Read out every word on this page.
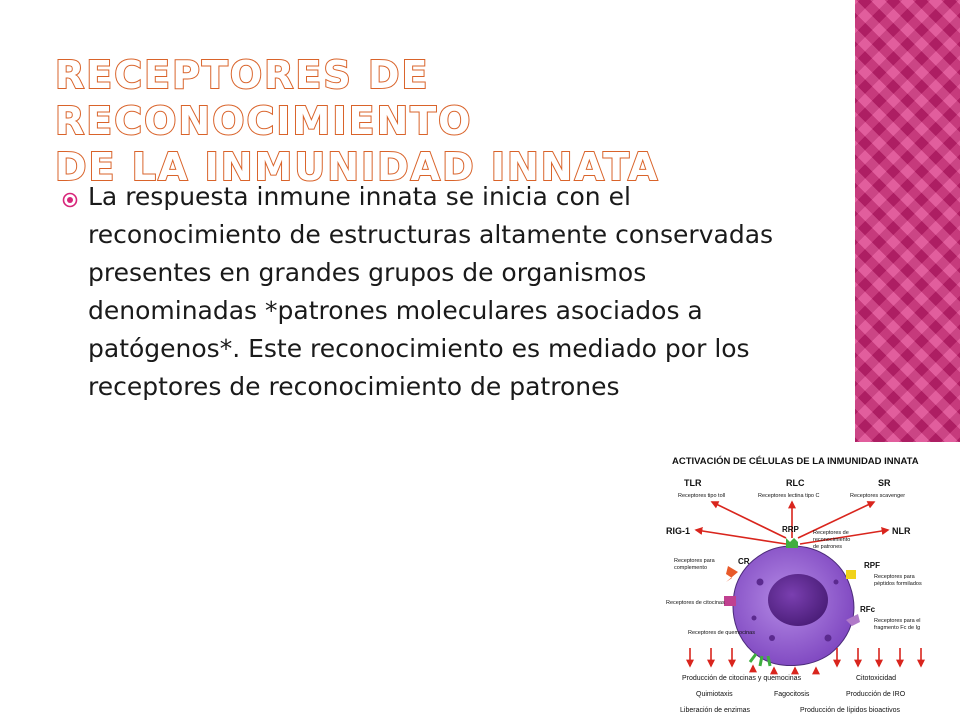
RECEPTORES DE RECONOCIMIENTO
DE LA INMUNIDAD INNATA

La respuesta inmune innata se inicia con el reconocimiento de estructuras altamente conservadas presentes en grandes grupos de organismos denominadas *patrones moleculares asociados a patógenos*. Este reconocimiento es mediado por los receptores de reconocimiento de patrones

ACTIVACIÓN DE CÉLULAS DE LA INMUNIDAD INNATA
TLR
Receptores tipo toll
RLC
Receptores lectina tipo C
SR
Receptores scavenger
RIG-1	NLR
RRP	Receptores de
reconocimiento
de patrones
CR
Receptores para
complemento	RPF
Receptores para
péptidos formilados
Receptores de citocinas
RFc
Receptores para el
fragmento Fc de Ig
Receptores de quemocinas
Producción de citocinas y quemocinas	Citotoxicidad
Quimiotaxis	Fagocitosis	Producción de IRO
Liberación de enzimas	Producción de lípidos bioactivos
